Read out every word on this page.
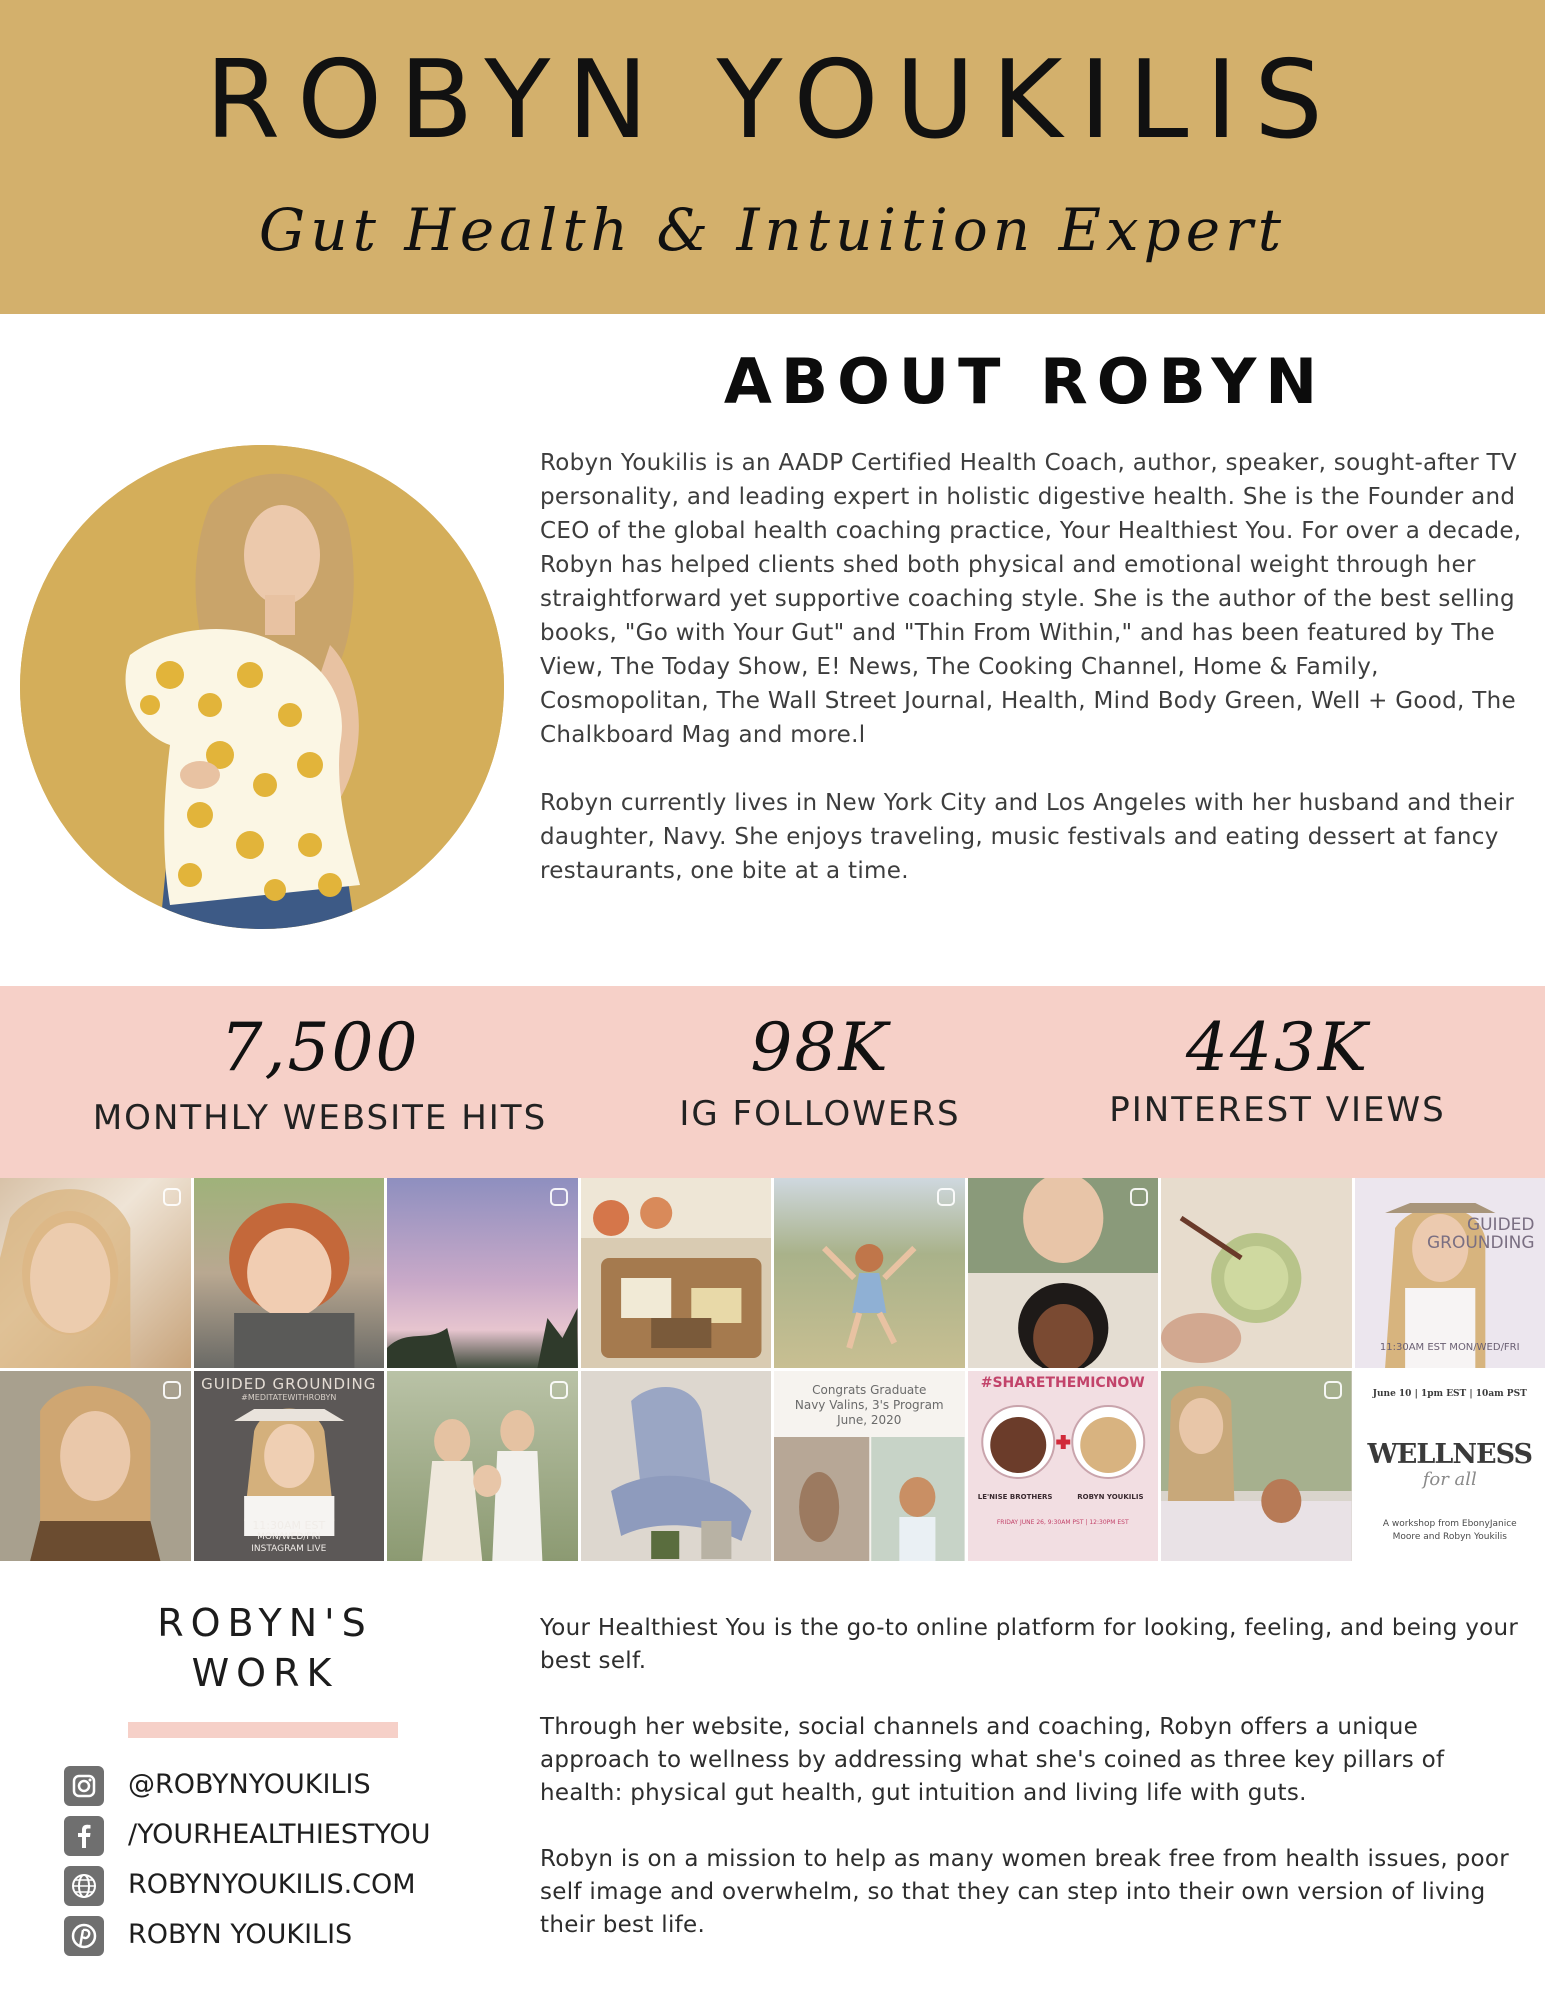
ROBYN YOUKILIS
Gut Health & Intuition Expert
ABOUT ROBYN

Robyn Youkilis is an AADP Certified Health Coach, author, speaker, sought-after TV personality, and leading expert in holistic digestive health. She is the Founder and CEO of the global health coaching practice, Your Healthiest You. For over a decade, Robyn has helped clients shed both physical and emotional weight through her straightforward yet supportive coaching style. She is the author of the best selling books, "Go with Your Gut" and "Thin From Within," and has been featured by The View, The Today Show, E! News, The Cooking Channel, Home & Family, Cosmopolitan, The Wall Street Journal, Health, Mind Body Green, Well + Good, The Chalkboard Mag and more.l

Robyn currently lives in New York City and Los Angeles with her husband and their daughter, Navy. She enjoys traveling, music festivals and eating dessert at fancy restaurants, one bite at a time.

7,500
MONTHLY WEBSITE HITS
98K
IG FOLLOWERS
443K
PINTEREST VIEWS
GUIDED
GROUNDING
11:30AM EST MON/WED/FRI
GUIDED GROUNDING
#MEDITATEWITHROBYN
11:30AM EST
MON/WED/FRI
INSTAGRAM LIVE
Congrats Graduate
Navy Valins, 3's Program
June, 2020
#SHARETHEMICNOW
LE'NISE BROTHERS	ROBYN YOUKILIS
FRIDAY JUNE 26, 9:30AM PST | 12:30PM EST
June 10 | 1pm EST | 10am PST
WELLNESS
for all
A workshop from EbonyJanice
Moore and Robyn Youkilis
ROBYN'S
WORK
@ROBYNYOUKILIS
/YOURHEALTHIESTYOU
ROBYNYOUKILIS.COM
ROBYN YOUKILIS

Your Healthiest You is the go-to online platform for looking, feeling, and being your best self.

Through her website, social channels and coaching, Robyn offers a unique approach to wellness by addressing what she's coined as three key pillars of health: physical gut health, gut intuition and living life with guts.

Robyn is on a mission to help as many women break free from health issues, poor self image and overwhelm, so that they can step into their own version of living their best life.
